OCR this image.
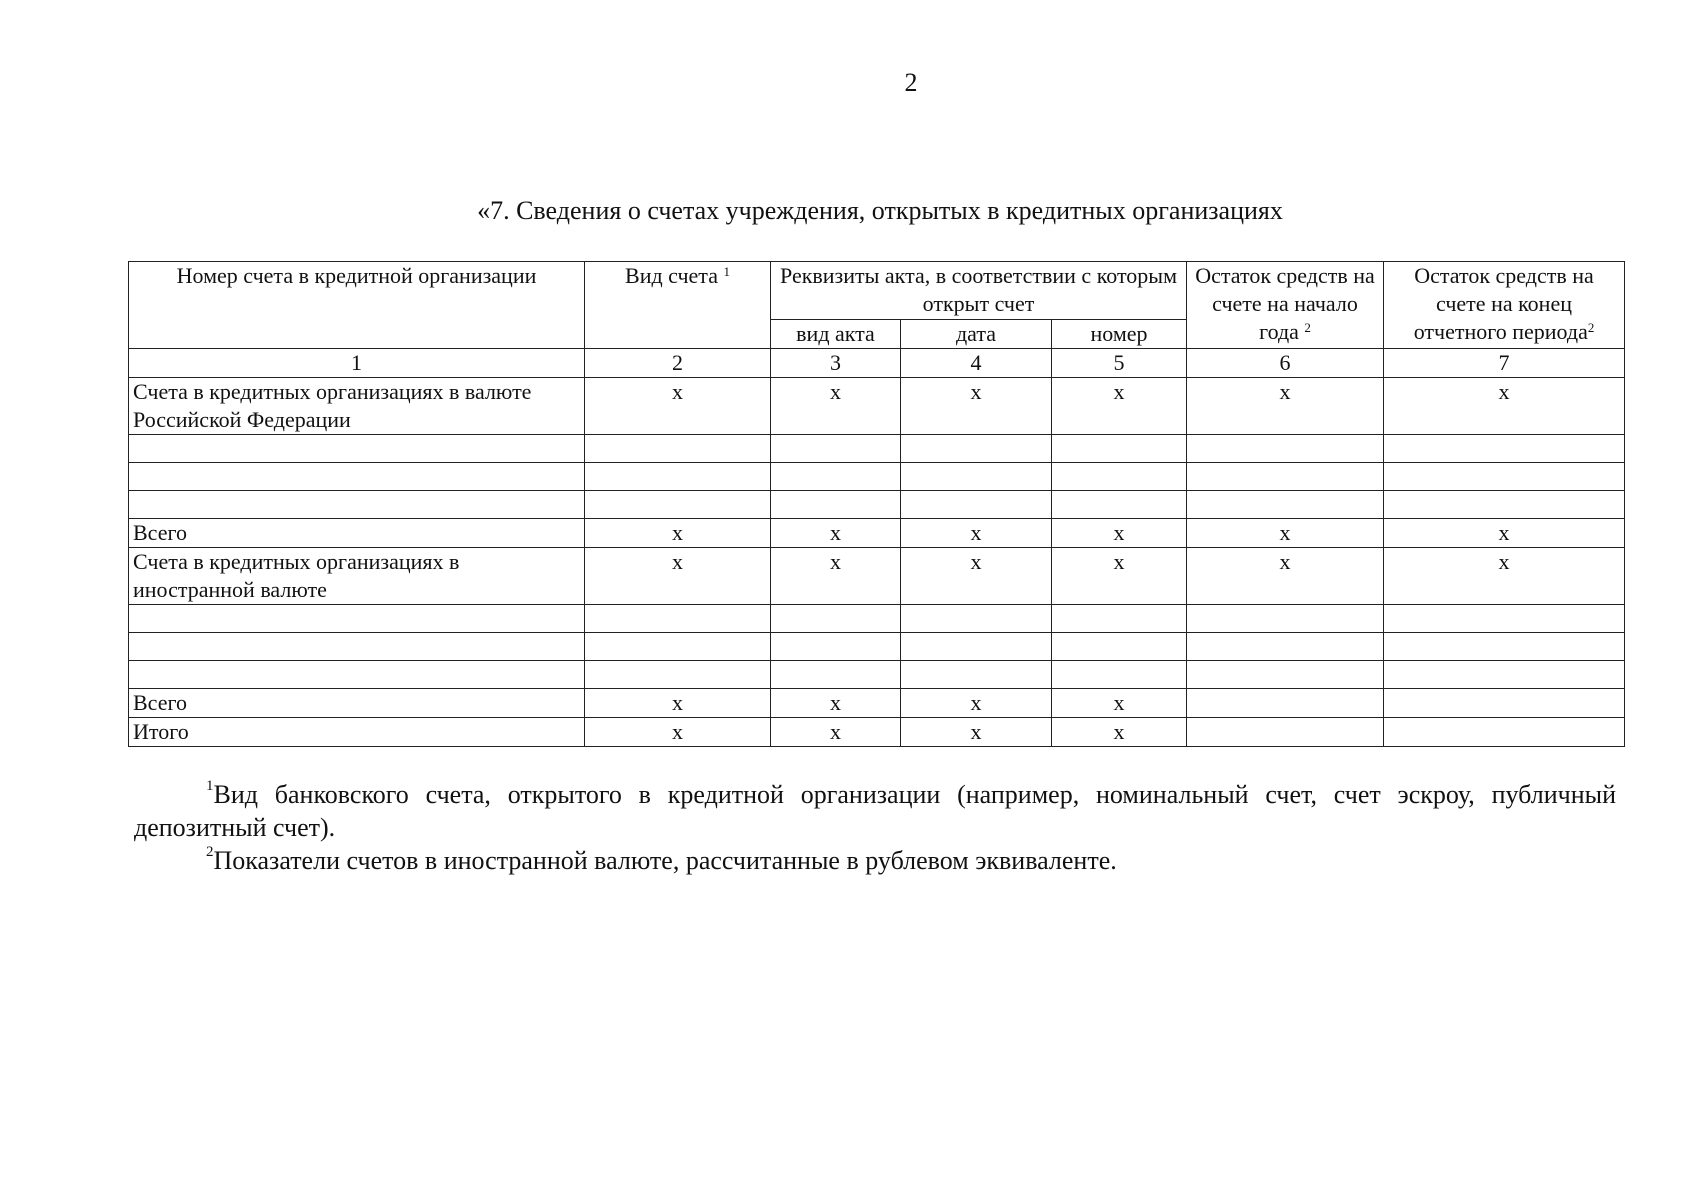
2
«7. Сведения о счетах учреждения, открытых в кредитных организациях
Номер счета в кредитной организации	Вид счета $^1$	Реквизиты акта, в соответствии с которым открыт счет			Остаток средств на счете на начало года $^2$	Остаток средств на счете на конец отчетного периода$^2$
		вид акта	дата	номер		
1	2	3	4	5	6	7
Счета в кредитных организациях в валюте Российской Федерации	x	x	x	x	x	x

Всего	x	x	x	x	x	x
Счета в кредитных организациях в иностранной валюте	x	x	x	x	x	x

Всего	x	x	x	x		
Итого	x	x	x	x		

$^1$Вид банковского счета, открытого в кредитной организации (например, номинальный счет, счет эскроу, публичный депозитный счет).

$^2$Показатели счетов в иностранной валюте, рассчитанные в рублевом эквиваленте.
